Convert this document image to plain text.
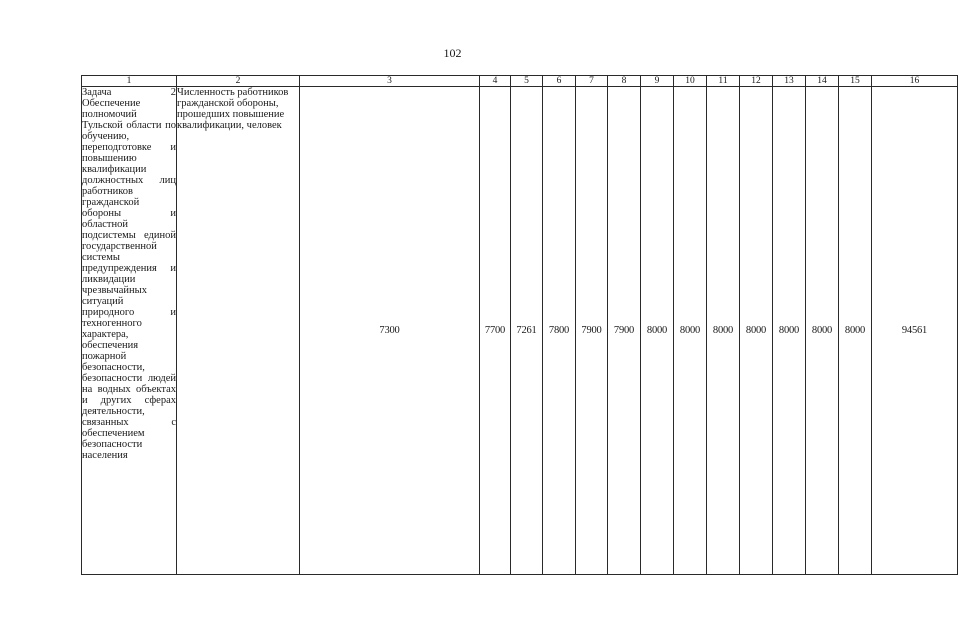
102
1	2	3	4	5	6	7	8	9	10	11	12	13	14	15	16
Задача 2 Обеспечение полномочий Тульской области по обучению, переподготовке и повышению квалификации должностных лиц работников гражданской обороны и областной подсистемы единой государственной системы предупреждения и ликвидации чрезвычайных ситуаций природного и техногенного характера, обеспечения пожарной безопасности, безопасности людей на водных объектах и других сферах деятельности, связанных с обеспечением безопасности населения	Численность работников гражданской обороны, прошедших повышение квалификации, человек	7300	7700	7261	7800	7900	7900	8000	8000	8000	8000	8000	8000	8000	94561
